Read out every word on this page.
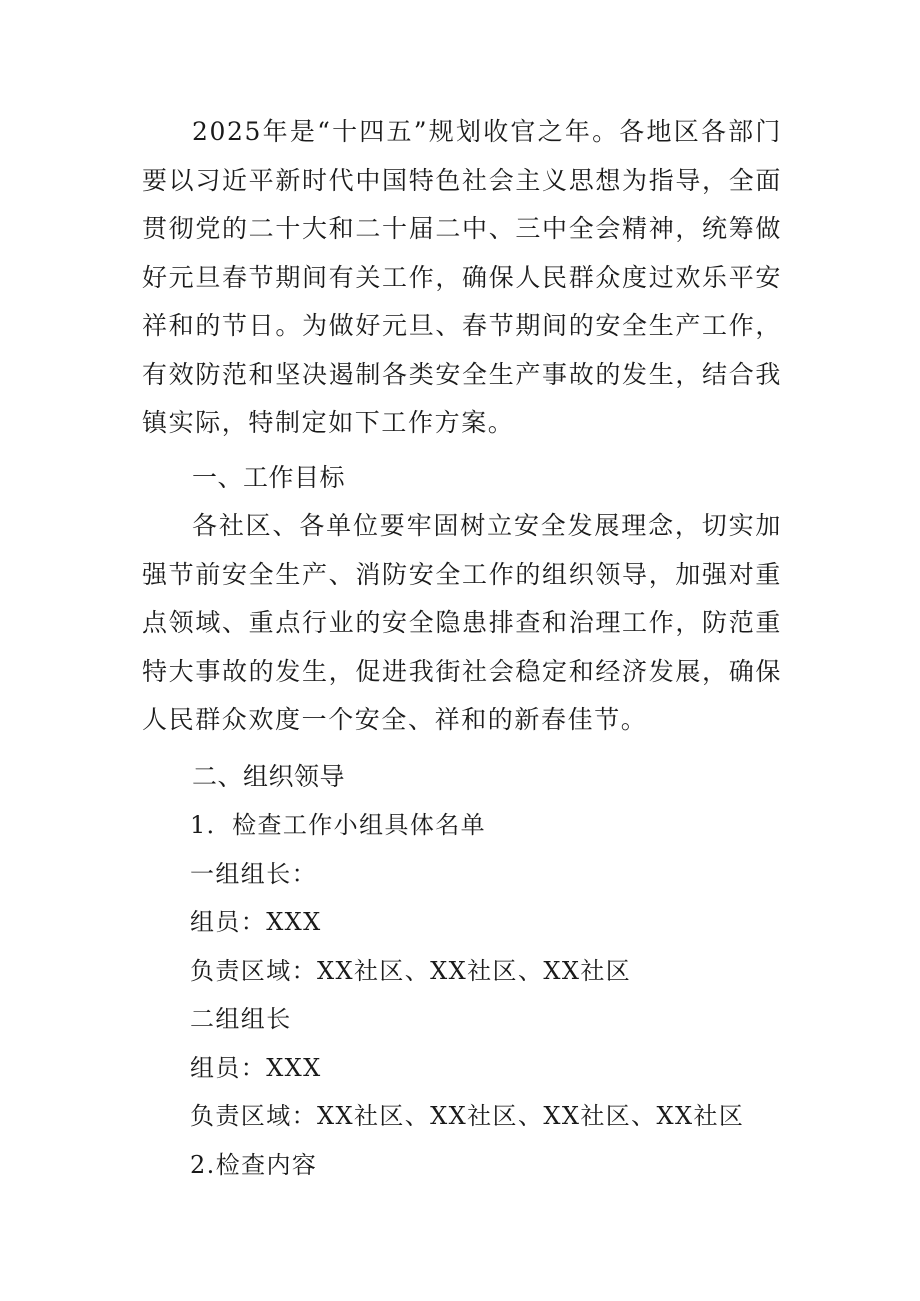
2025年是“十四五”规划收官之年。各地区各部门要以习近平新时代中国特色社会主义思想为指导，全面贯彻党的二十大和二十届二中、三中全会精神，统筹做好元旦春节期间有关工作，确保人民群众度过欢乐平安祥和的节日。为做好元旦、春节期间的安全生产工作，有效防范和坚决遏制各类安全生产事故的发生，结合我镇实际，特制定如下工作方案。

一、工作目标

各社区、各单位要牢固树立安全发展理念，切实加强节前安全生产、消防安全工作的组织领导，加强对重点领域、重点行业的安全隐患排查和治理工作，防范重特大事故的发生，促进我街社会稳定和经济发展，确保人民群众欢度一个安全、祥和的新春佳节。

二、组织领导

1．检查工作小组具体名单

一组组长：

组员：XXX

负责区域：XX社区、XX社区、XX社区

二组组长

组员：XXX

负责区域：XX社区、XX社区、XX社区、XX社区

2.检查内容
